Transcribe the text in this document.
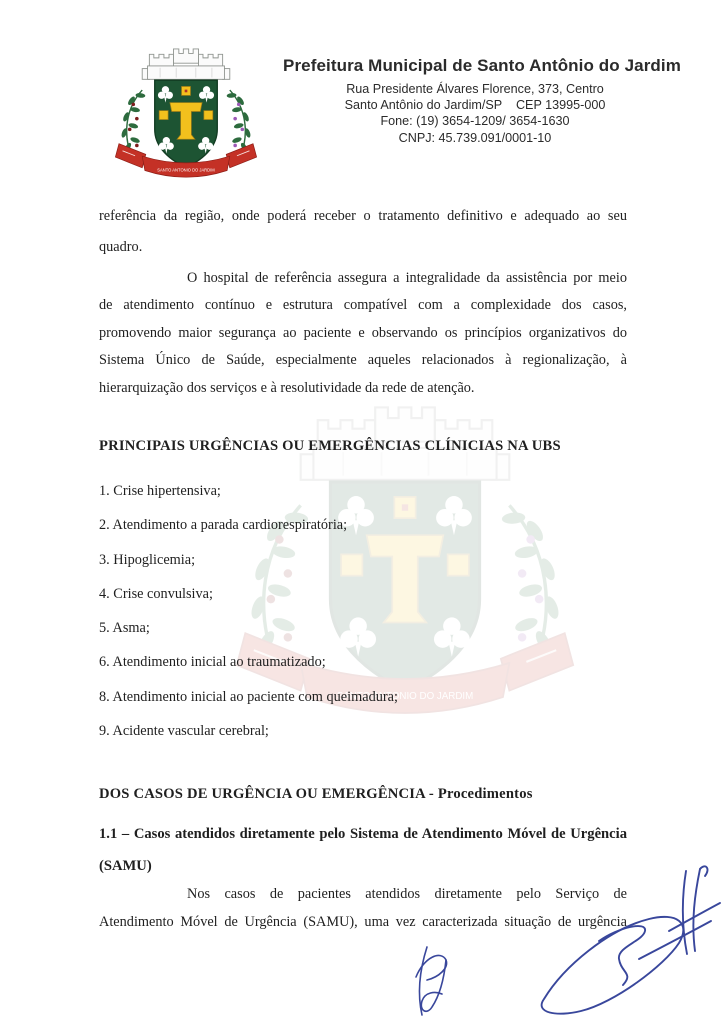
Prefeitura Municipal de Santo Antônio do Jardim
Rua Presidente Álvares Florence, 373, Centro
Santo Antônio do Jardim/SP    CEP 13995-000
Fone: (19) 3654-1209/ 3654-1630
CNPJ: 45.739.091/0001-10
referência da região, onde poderá receber o tratamento definitivo e adequado ao seu
quadro.
O hospital de referência assegura a integralidade da assistência por meio
de atendimento contínuo e estrutura compatível com a complexidade dos casos,
promovendo maior segurança ao paciente e observando os princípios organizativos do
Sistema Único de Saúde, especialmente aqueles relacionados à regionalização, à
hierarquização dos serviços e à resolutividade da rede de atenção.
PRINCIPAIS URGÊNCIAS OU EMERGÊNCIAS CLÍNICIAS NA UBS
1. Crise hipertensiva;
2. Atendimento a parada cardiorespiratória;
3. Hipoglicemia;
4. Crise convulsiva;
5. Asma;
6. Atendimento inicial ao traumatizado;
8. Atendimento inicial ao paciente com queimadura;
9. Acidente vascular cerebral;
DOS CASOS DE URGÊNCIA OU EMERGÊNCIA - Procedimentos
1.1 – Casos atendidos diretamente pelo Sistema de Atendimento Móvel de Urgência
(SAMU)
Nos casos de pacientes atendidos diretamente pelo Serviço de
Atendimento Móvel de Urgência (SAMU), uma vez caracterizada situação de urgência
